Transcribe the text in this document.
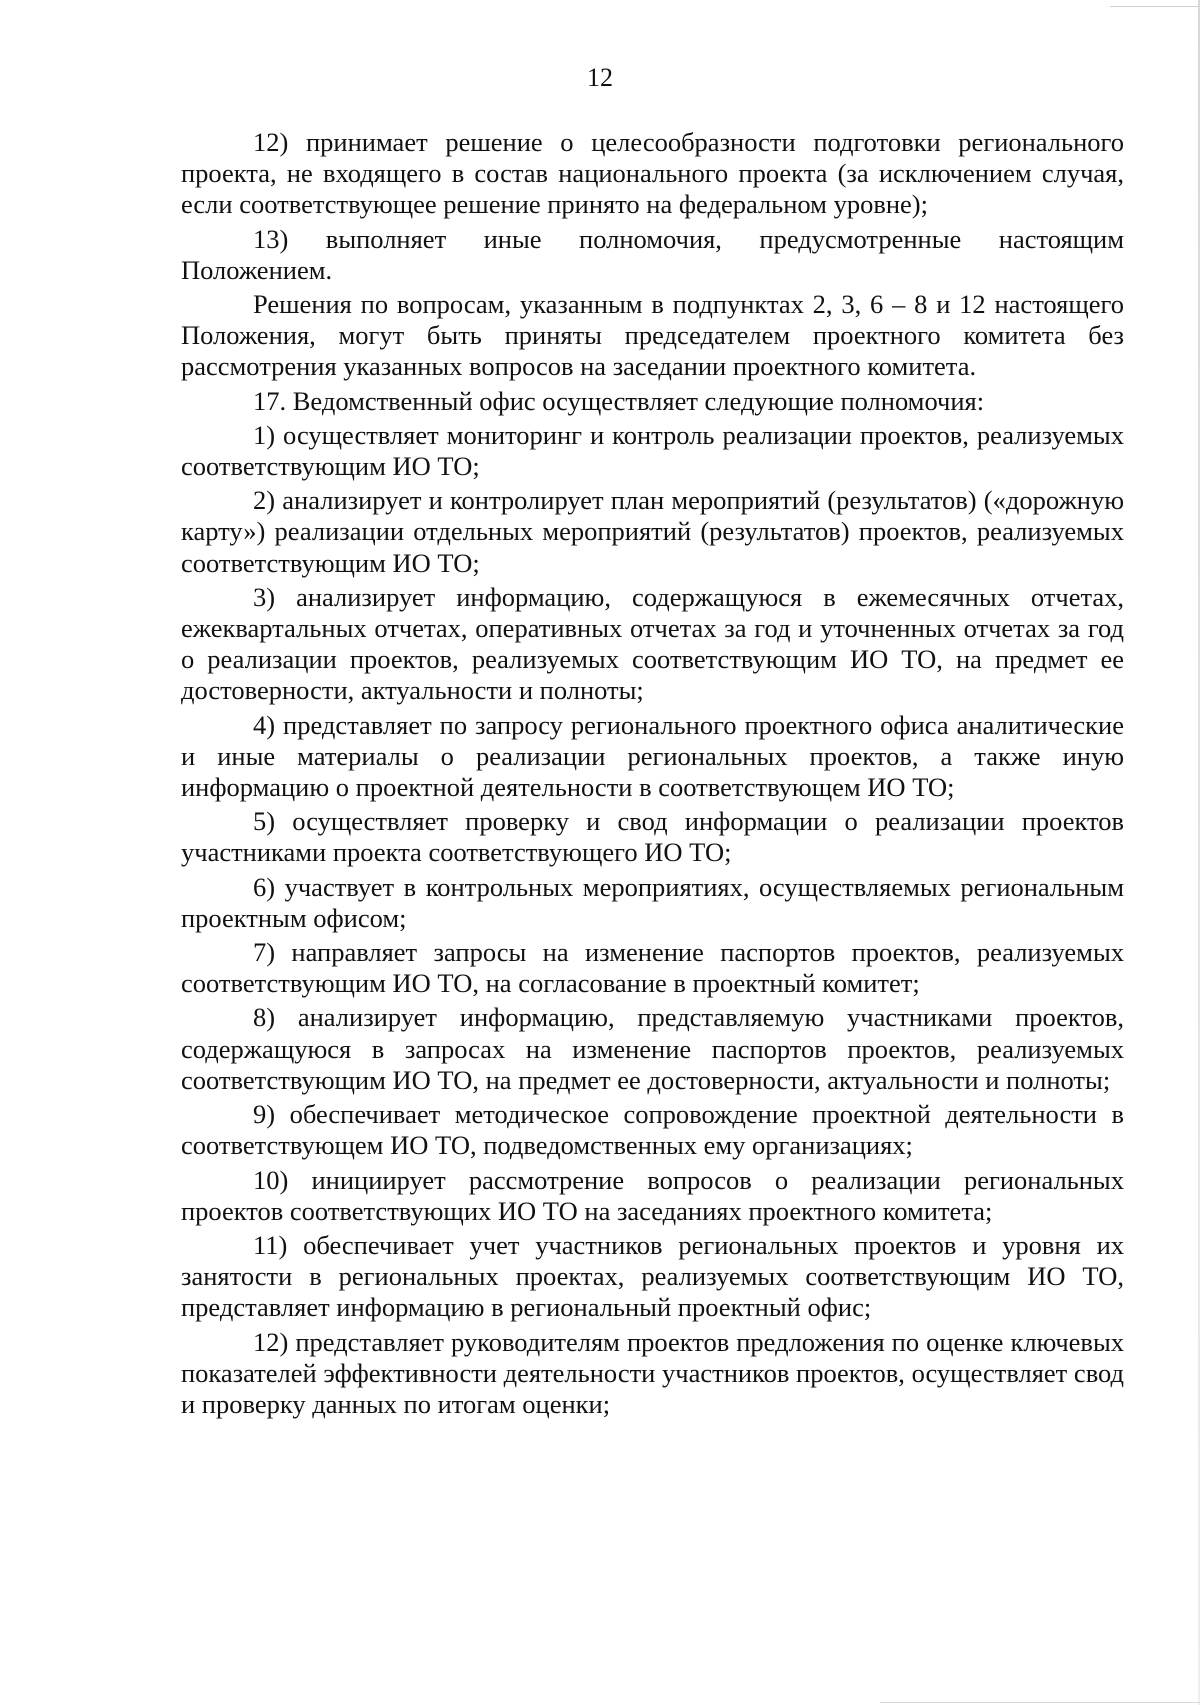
12

12) принимает решение о целесообразности подготовки регионального проекта, не входящего в состав национального проекта (за исключением случая, если соответствующее решение принято на федеральном уровне);

13) выполняет иные полномочия, предусмотренные настоящим Положением.

Решения по вопросам, указанным в подпунктах 2, 3, 6 – 8 и 12 настоящего Положения, могут быть приняты председателем проектного комитета без рассмотрения указанных вопросов на заседании проектного комитета.

17. Ведомственный офис осуществляет следующие полномочия:

1) осуществляет мониторинг и контроль реализации проектов, реализуемых соответствующим ИО ТО;

2) анализирует и контролирует план мероприятий (результатов) («дорожную карту») реализации отдельных мероприятий (результатов) проектов, реализуемых соответствующим ИО ТО;

3) анализирует информацию, содержащуюся в ежемесячных отчетах, ежеквартальных отчетах, оперативных отчетах за год и уточненных отчетах за год о реализации проектов, реализуемых соответствующим ИО ТО, на предмет ее достоверности, актуальности и полноты;

4) представляет по запросу регионального проектного офиса аналитические и иные материалы о реализации региональных проектов, а также иную информацию о проектной деятельности в соответствующем ИО ТО;

5) осуществляет проверку и свод информации о реализации проектов участниками проекта соответствующего ИО ТО;

6) участвует в контрольных мероприятиях, осуществляемых региональным проектным офисом;

7) направляет запросы на изменение паспортов проектов, реализуемых соответствующим ИО ТО, на согласование в проектный комитет;

8) анализирует информацию, представляемую участниками проектов, содержащуюся в запросах на изменение паспортов проектов, реализуемых соответствующим ИО ТО, на предмет ее достоверности, актуальности и полноты;

9) обеспечивает методическое сопровождение проектной деятельности в соответствующем ИО ТО, подведомственных ему организациях;

10) инициирует рассмотрение вопросов о реализации региональных проектов соответствующих ИО ТО на заседаниях проектного комитета;

11) обеспечивает учет участников региональных проектов и уровня их занятости в региональных проектах, реализуемых соответствующим ИО ТО, представляет информацию в региональный проектный офис;

12) представляет руководителям проектов предложения по оценке ключевых показателей эффективности деятельности участников проектов, осуществляет свод и проверку данных по итогам оценки;
